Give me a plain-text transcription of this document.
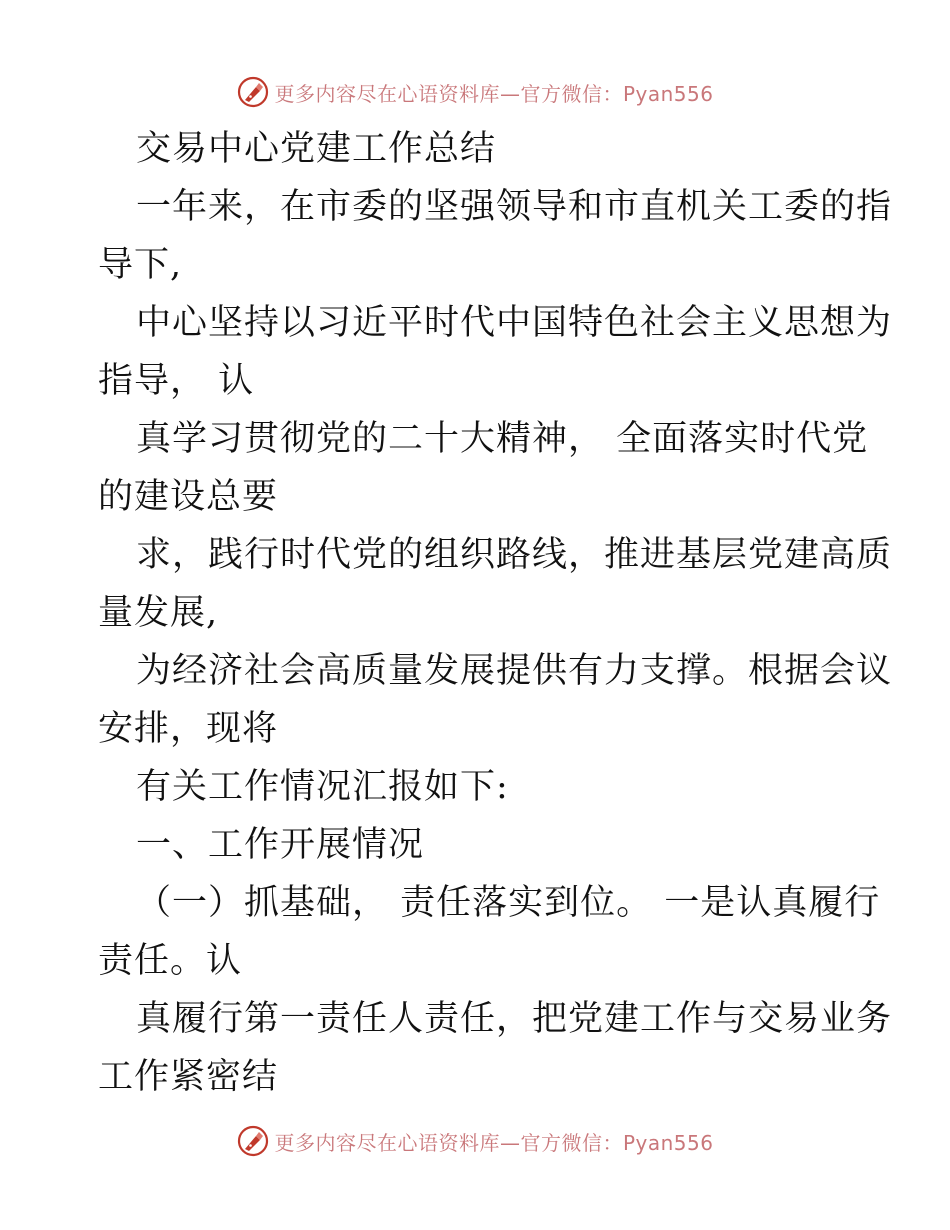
更多内容尽在心语资料库—官方微信：Pyan556
交易中心党建工作总结
一年来，在市委的坚强领导和市直机关工委的指
导下,
中心坚持以习近平时代中国特色社会主义思想为
指导， 认
真学习贯彻党的二十大精神， 全面落实时代党
的建设总要
求，践行时代党的组织路线，推进基层党建高质
量发展,
为经济社会高质量发展提供有力支撑。根据会议
安排，现将
有关工作情况汇报如下:
一、工作开展情况
（一）抓基础， 责任落实到位。 一是认真履行
责任。认
真履行第一责任人责任，把党建工作与交易业务
工作紧密结
更多内容尽在心语资料库—官方微信：Pyan556
